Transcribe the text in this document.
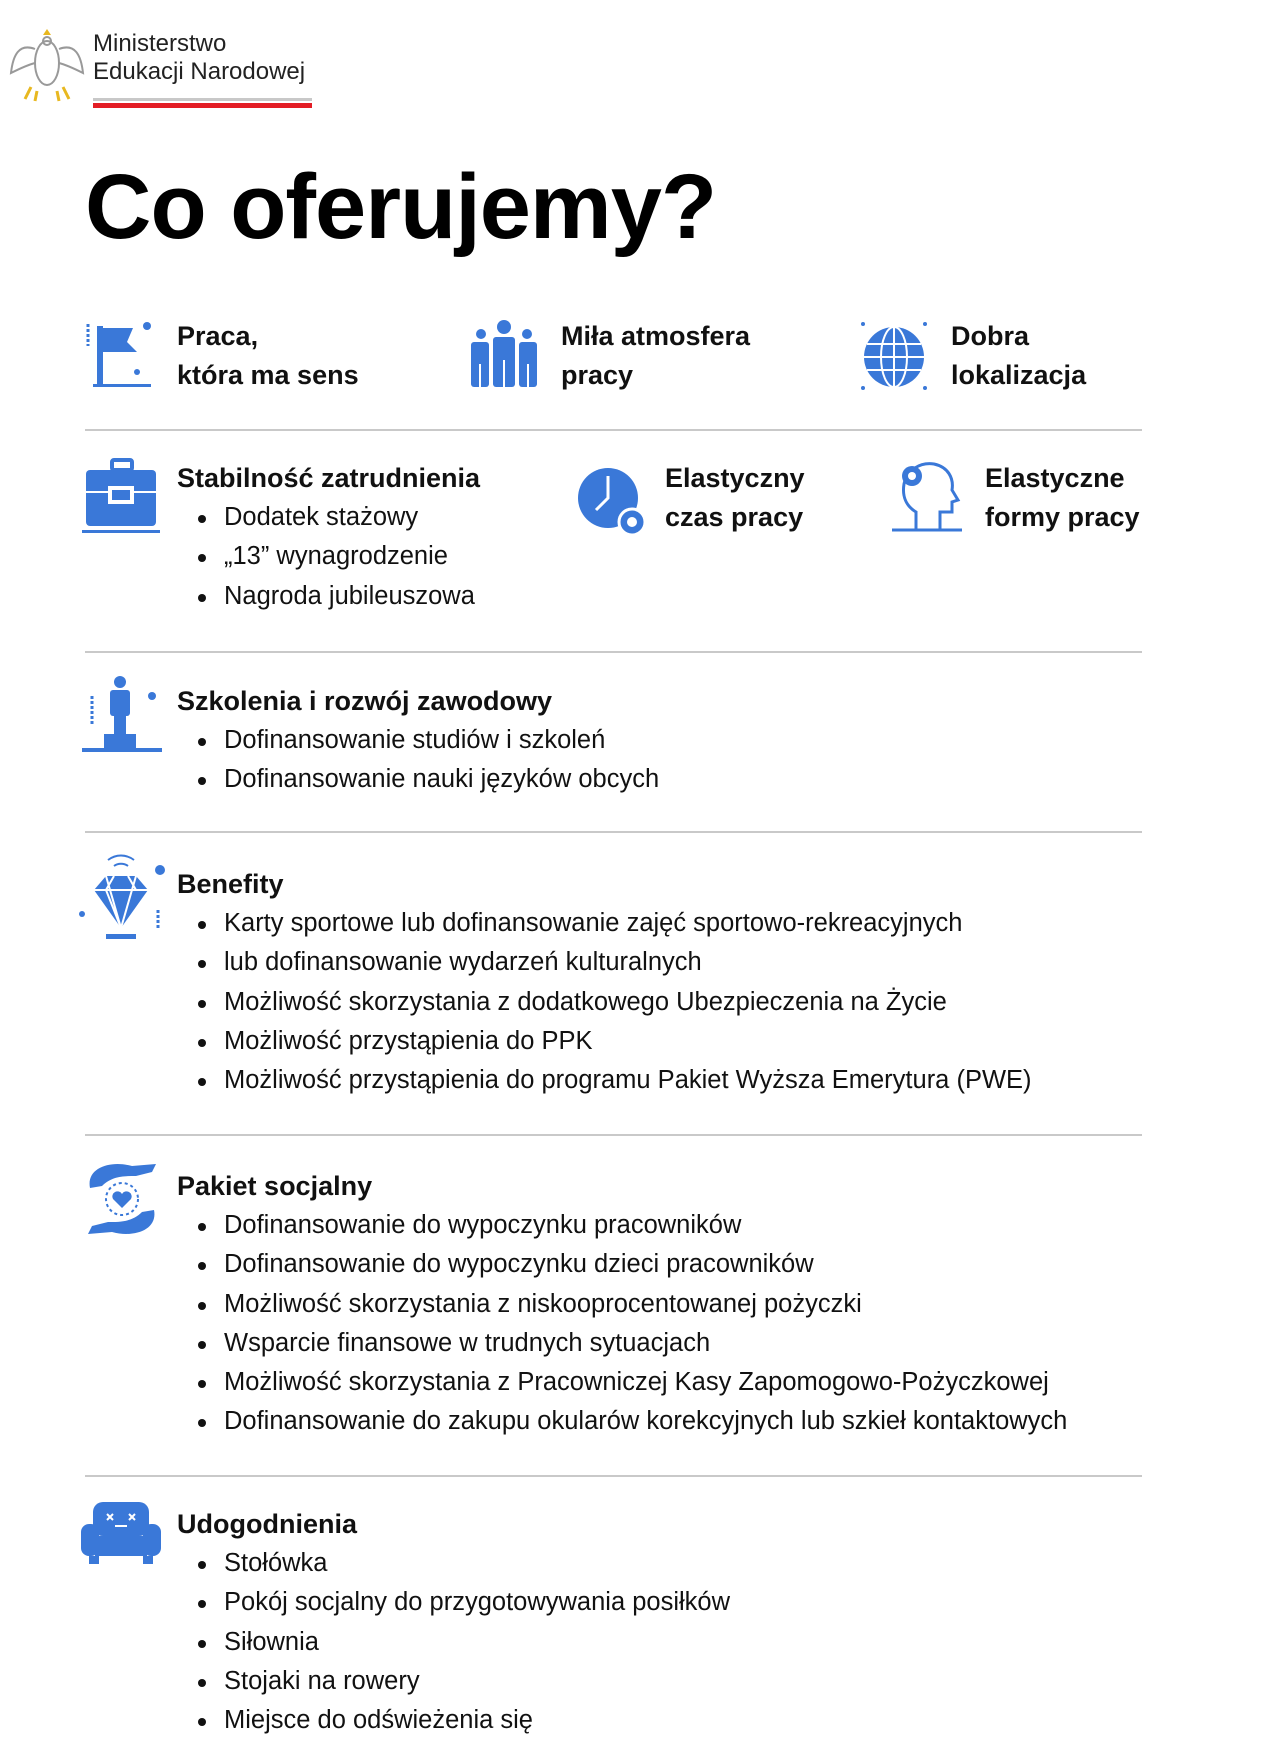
Ministerstwo
Edukacji Narodowej
Co oferujemy?
Praca,
która ma sens
Miła atmosfera
pracy
Dobra
lokalizacja
Stabilność zatrudnienia
Dodatek stażowy
„13” wynagrodzenie
Nagroda jubileuszowa
Elastyczny
czas pracy
Elastyczne
formy pracy
Szkolenia i rozwój zawodowy
Dofinansowanie studiów i szkoleń
Dofinansowanie nauki języków obcych
Benefity
Karty sportowe lub dofinansowanie zajęć sportowo-rekreacyjnych
lub dofinansowanie wydarzeń kulturalnych
Możliwość skorzystania z dodatkowego Ubezpieczenia na Życie
Możliwość przystąpienia do PPK
Możliwość przystąpienia do programu Pakiet Wyższa Emerytura (PWE)
Pakiet socjalny
Dofinansowanie do wypoczynku pracowników
Dofinansowanie do wypoczynku dzieci pracowników
Możliwość skorzystania z niskooprocentowanej pożyczki
Wsparcie finansowe w trudnych sytuacjach
Możliwość skorzystania z Pracowniczej Kasy Zapomogowo-Pożyczkowej
Dofinansowanie do zakupu okularów korekcyjnych lub szkieł kontaktowych
Udogodnienia
Stołówka
Pokój socjalny do przygotowywania posiłków
Siłownia
Stojaki na rowery
Miejsce do odświeżenia się
